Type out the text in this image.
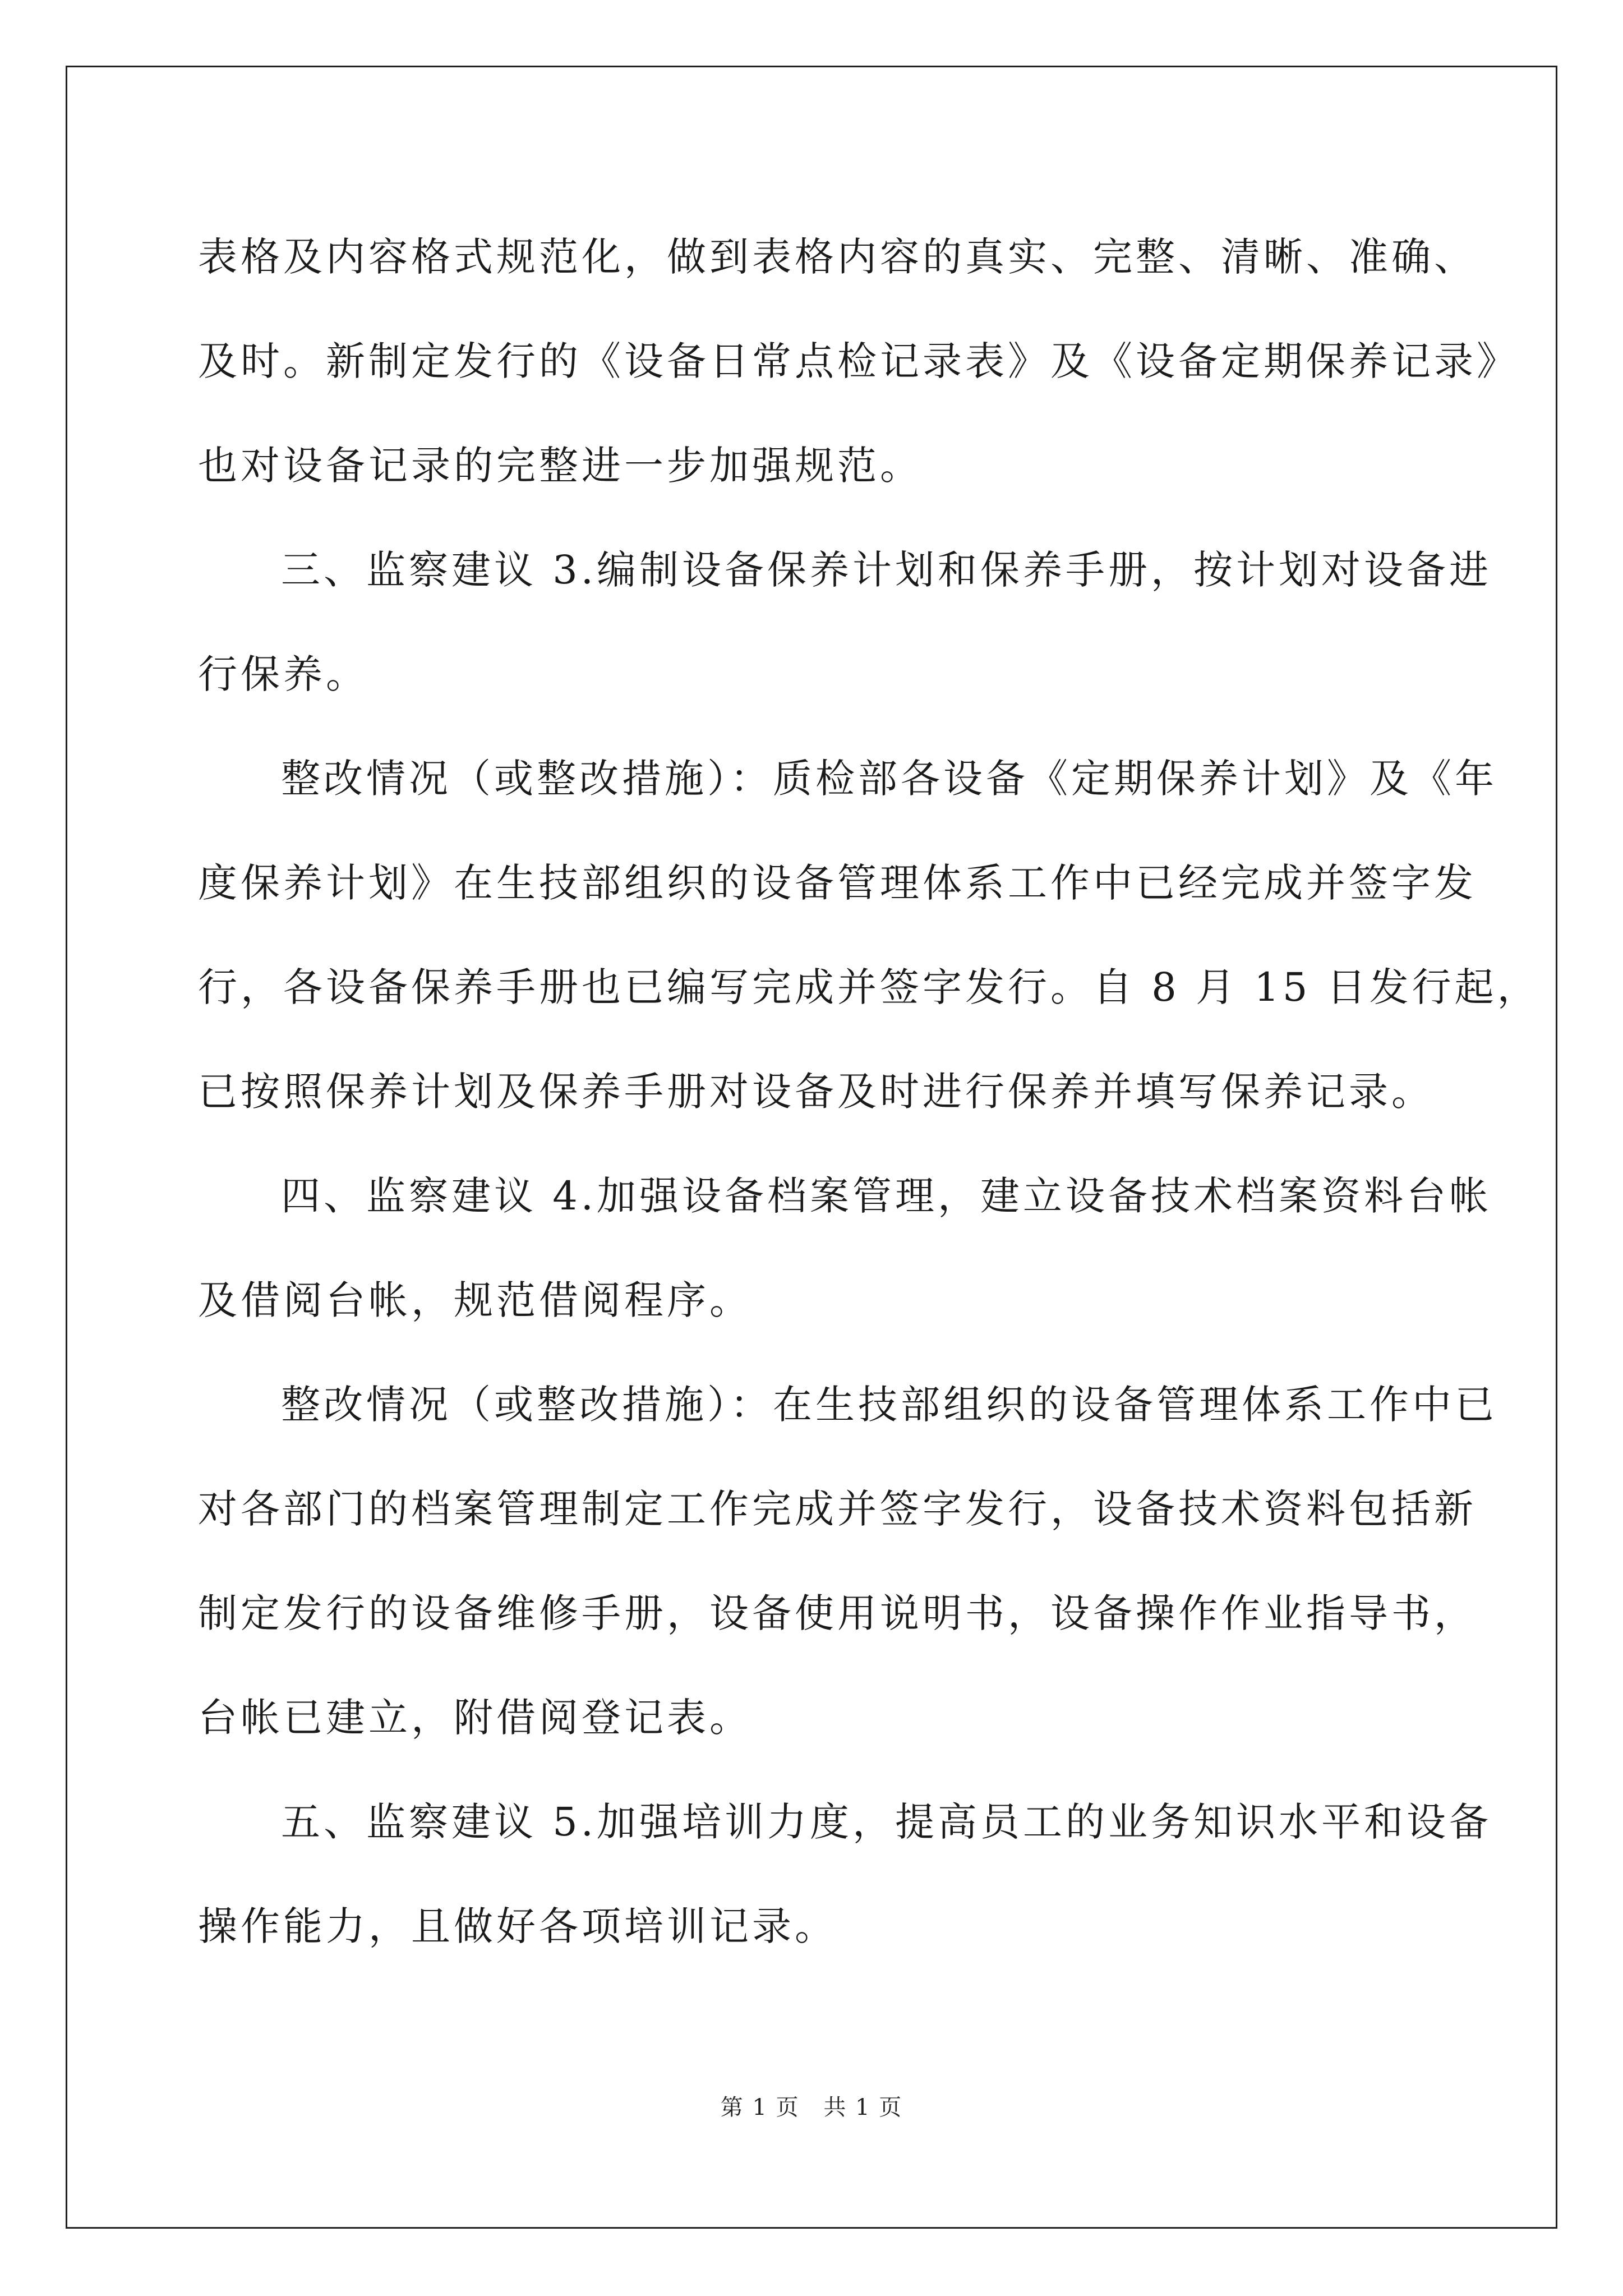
表格及内容格式规范化，做到表格内容的真实、完整、清晰、准确、
及时。新制定发行的《设备日常点检记录表》及《设备定期保养记录》
也对设备记录的完整进一步加强规范。
三、监察建议 3.编制设备保养计划和保养手册，按计划对设备进
行保养。
整改情况（或整改措施）：质检部各设备《定期保养计划》及《年
度保养计划》在生技部组织的设备管理体系工作中已经完成并签字发
行，各设备保养手册也已编写完成并签字发行。自 8 月 15 日发行起，
已按照保养计划及保养手册对设备及时进行保养并填写保养记录。
四、监察建议 4.加强设备档案管理，建立设备技术档案资料台帐
及借阅台帐，规范借阅程序。
整改情况（或整改措施）：在生技部组织的设备管理体系工作中已
对各部门的档案管理制定工作完成并签字发行，设备技术资料包括新
制定发行的设备维修手册，设备使用说明书，设备操作作业指导书，
台帐已建立，附借阅登记表。
五、监察建议 5.加强培训力度，提高员工的业务知识水平和设备
操作能力，且做好各项培训记录。
第 1 页 共 1 页
